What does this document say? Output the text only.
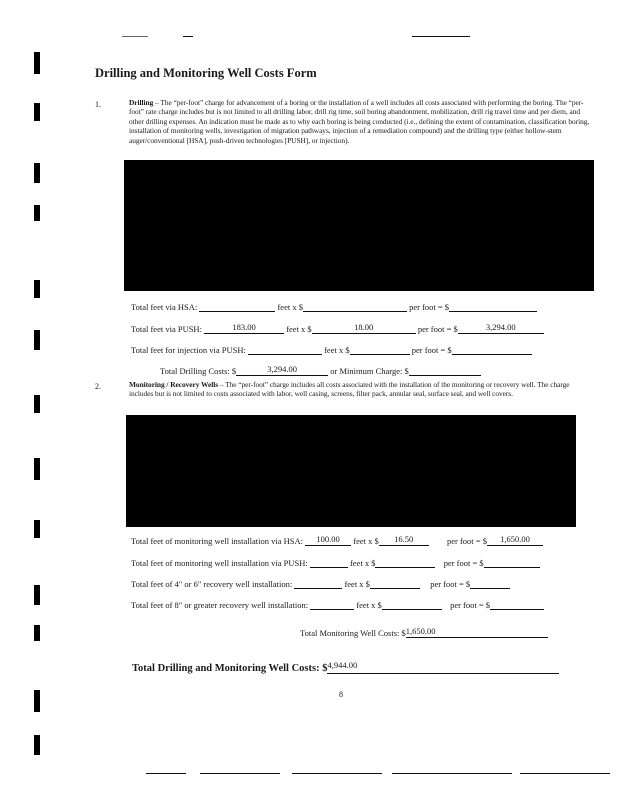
Drilling and Monitoring Well Costs Form
1.	Drilling – The “per-foot” charge for advancement of a boring or the installation of a well includes all costs associated with performing the boring. The “per-foot” rate charge includes but is not limited to all drilling labor, drill rig time, soil boring abandonment, mobilization, drill rig travel time and per diem, and other drilling expenses. An indication must be made as to why each boring is being conducted (i.e., defining the extent of contamination, classification boring, installation of monitoring wells, investigation of migration pathways, injection of a remediation compound) and the drilling type (either hollow-stem auger/conventional [HSA], push-driven technologies [PUSH], or injection).
Total feet via HSA:	feet x $	per foot = $
Total feet via PUSH:	183.00	feet x $	18.00	per foot = $	3,294.00
Total feet for injection via PUSH:	feet x $	per foot = $
Total Drilling Costs: $	3,294.00	or Minimum Charge: $
2.	Monitoring / Recovery Wells – The “per-foot” charge includes all costs associated with the installation of the monitoring or recovery well. The charge includes but is not limited to costs associated with labor, well casing, screens, filter pack, annular seal, surface seal, and well covers.
Total feet of monitoring well installation via HSA: 100.00 feet x $ 16.50	per foot = $ 1,650.00
Total feet of monitoring well installation via PUSH:	feet x $	per foot = $
Total feet of 4" or 6" recovery well installation:	feet x $	per foot = $
Total feet of 8" or greater recovery well installation:	feet x $	per foot = $
Total Monitoring Well Costs: $1,650.00
Total Drilling and Monitoring Well Costs: $4,944.00
8
